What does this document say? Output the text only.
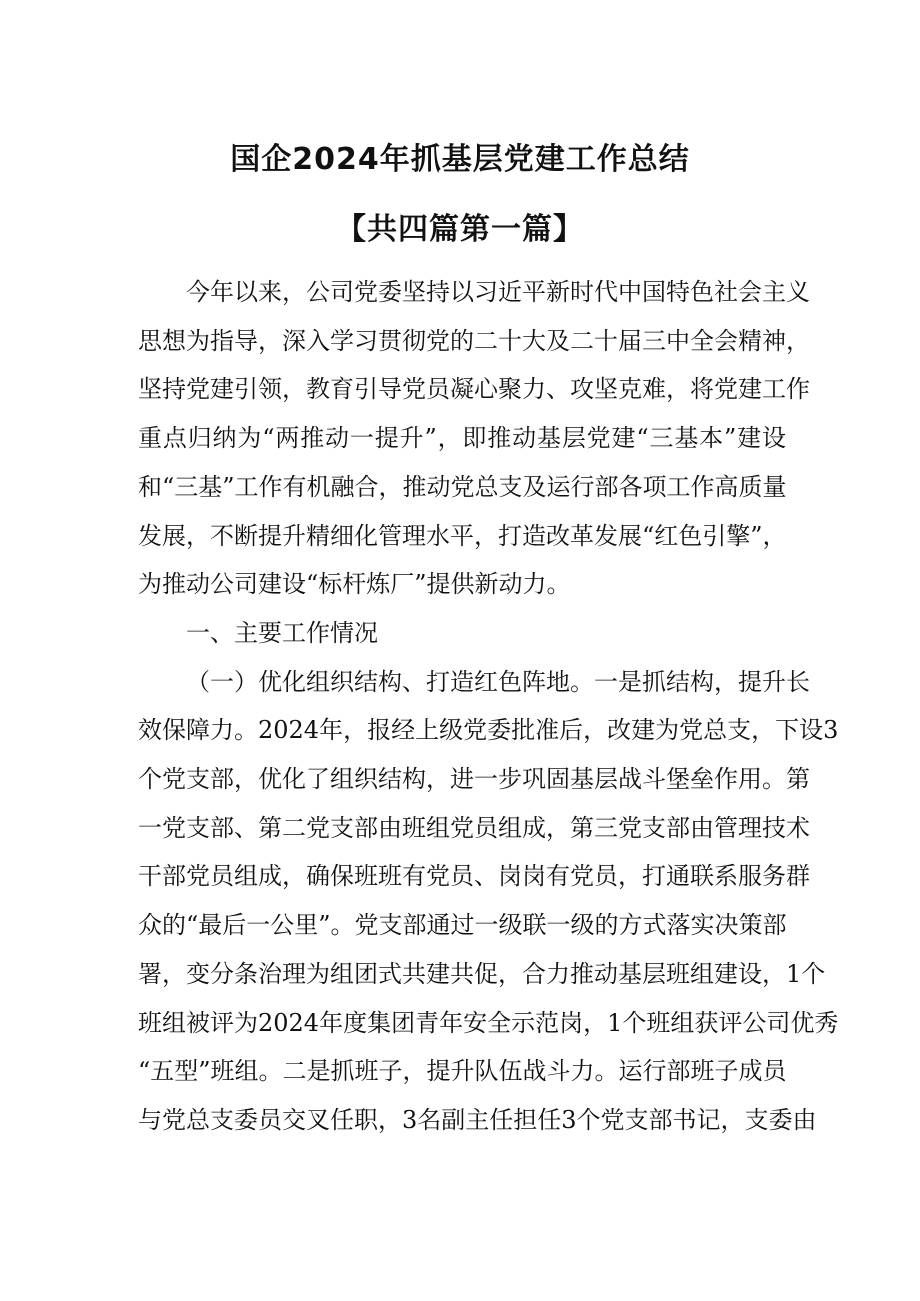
国企2024年抓基层党建工作总结
【共四篇第一篇】

今年以来，公司党委坚持以习近平新时代中国特色社会主义
思想为指导，深入学习贯彻党的二十大及二十届三中全会精神，
坚持党建引领，教育引导党员凝心聚力、攻坚克难，将党建工作
重点归纳为“两推动一提升”，即推动基层党建“三基本”建设
和“三基”工作有机融合，推动党总支及运行部各项工作高质量
发展，不断提升精细化管理水平，打造改革发展“红色引擎”，
为推动公司建设“标杆炼厂”提供新动力。

一、主要工作情况

（一）优化组织结构、打造红色阵地。一是抓结构，提升长
效保障力。2024年，报经上级党委批准后，改建为党总支，下设3
个党支部，优化了组织结构，进一步巩固基层战斗堡垒作用。第
一党支部、第二党支部由班组党员组成，第三党支部由管理技术
干部党员组成，确保班班有党员、岗岗有党员，打通联系服务群
众的“最后一公里”。党支部通过一级联一级的方式落实决策部
署，变分条治理为组团式共建共促，合力推动基层班组建设，1个
班组被评为2024年度集团青年安全示范岗，1个班组获评公司优秀
“五型”班组。二是抓班子，提升队伍战斗力。运行部班子成员
与党总支委员交叉任职，3名副主任担任3个党支部书记，支委由
